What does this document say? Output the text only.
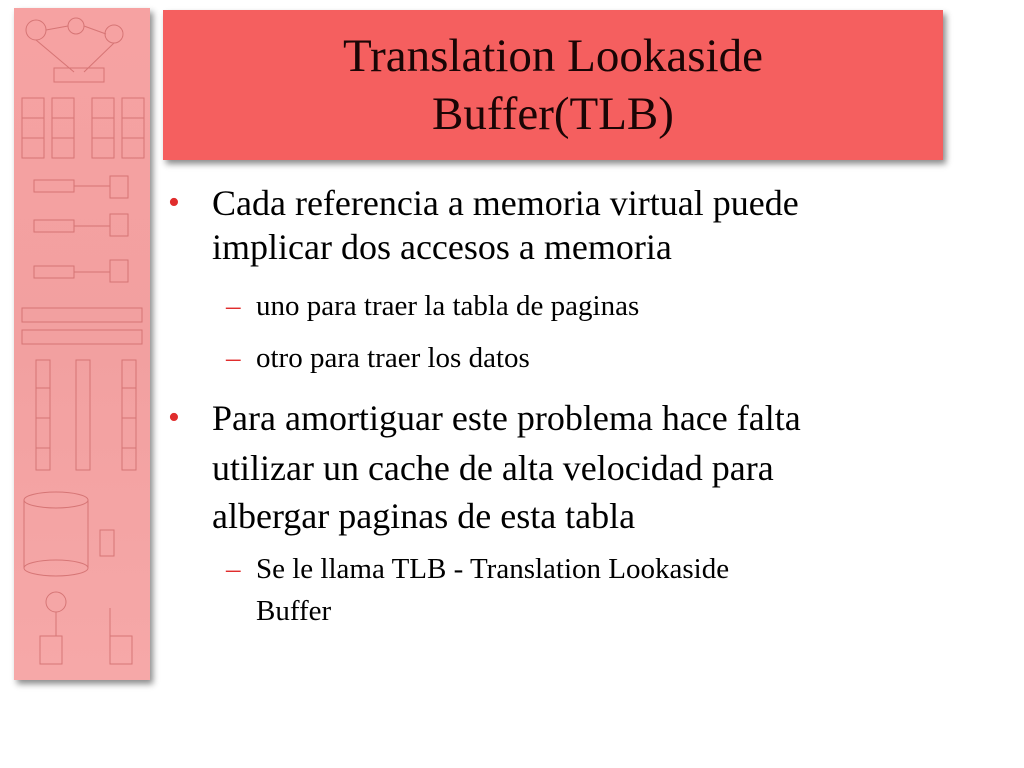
Translation Lookaside
Buffer(TLB)
• Cada referencia a memoria virtual puede
implicar dos accesos a memoria
– uno para traer la tabla de paginas
– otro para traer los datos
• Para amortiguar este problema hace falta
utilizar un cache de alta velocidad para
albergar paginas de esta tabla
– Se le llama TLB - Translation Lookaside
Buffer
